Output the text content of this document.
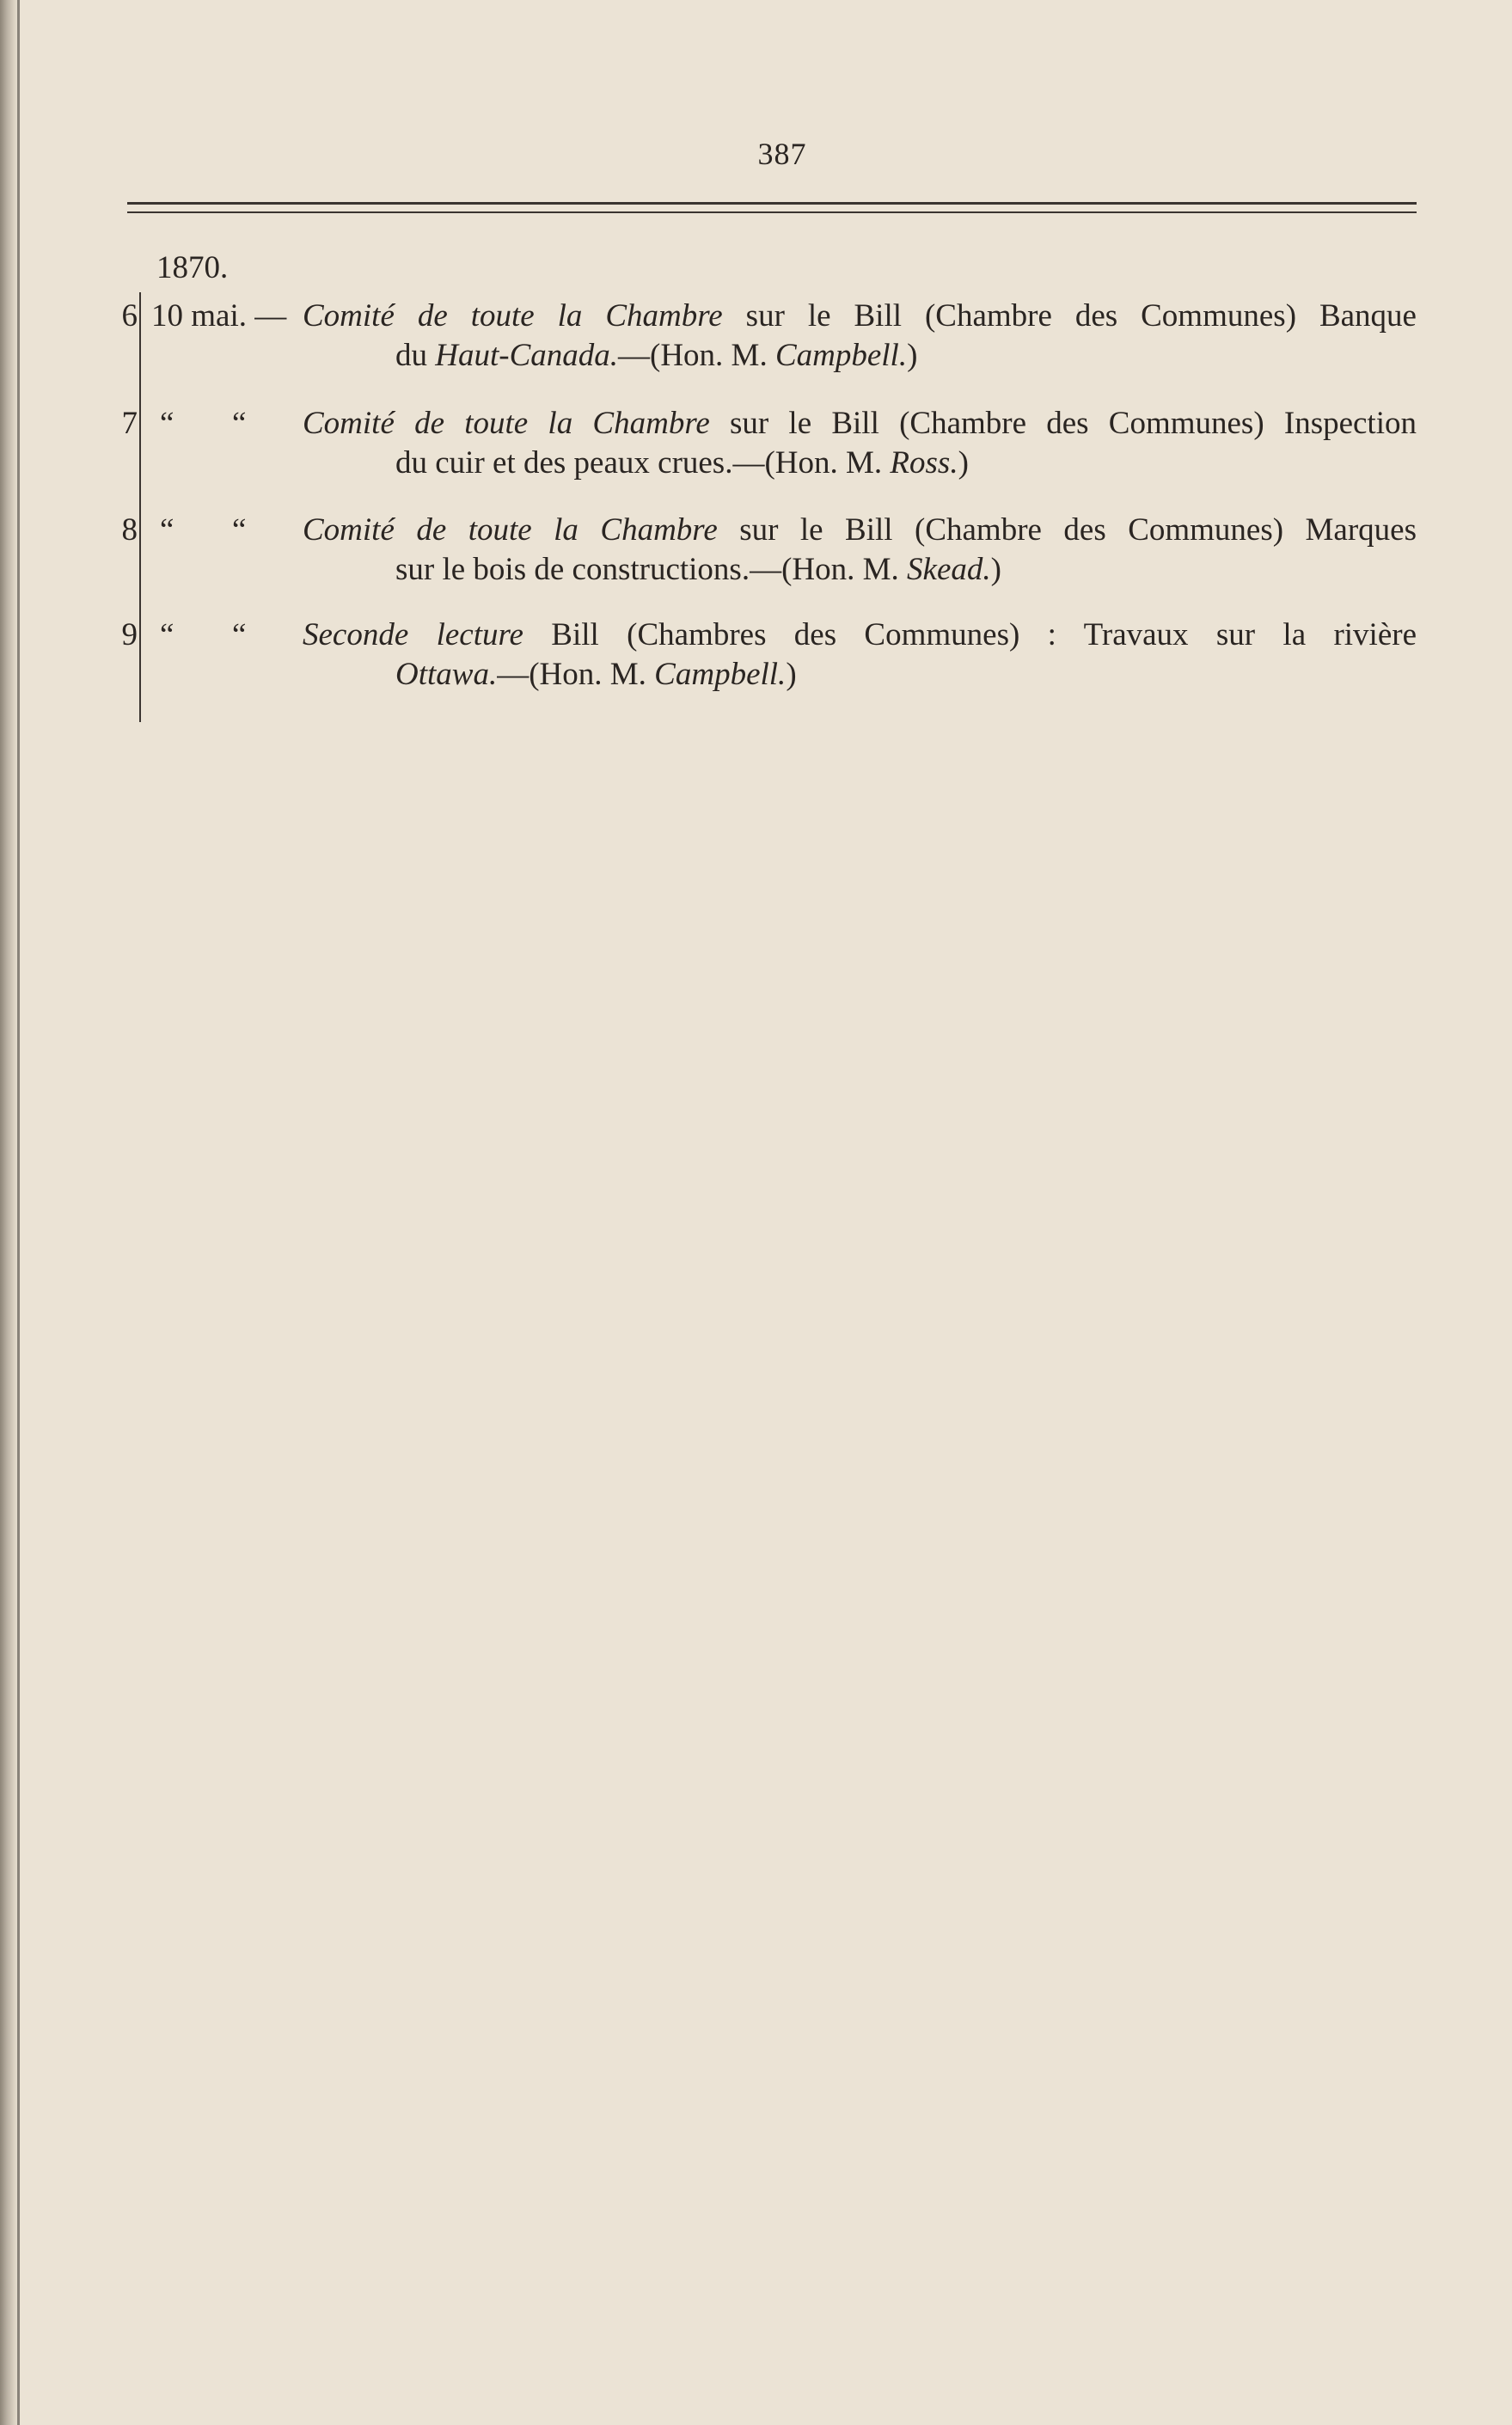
387
1870.
6 10 mai. — Comité de toute la Chambre sur le Bill (Chambre des Communes) Banque
du Haut-Canada.—(Hon. M. Campbell.)
7 “ “ Comité de toute la Chambre sur le Bill (Chambre des Communes) Inspection
du cuir et des peaux crues.—(Hon. M. Ross.)
8 “ “ Comité de toute la Chambre sur le Bill (Chambre des Communes) Marques
sur le bois de constructions.—(Hon. M. Skead.)
9 “ “ Seconde lecture Bill (Chambres des Communes) : Travaux sur la rivière
Ottawa.—(Hon. M. Campbell.)
